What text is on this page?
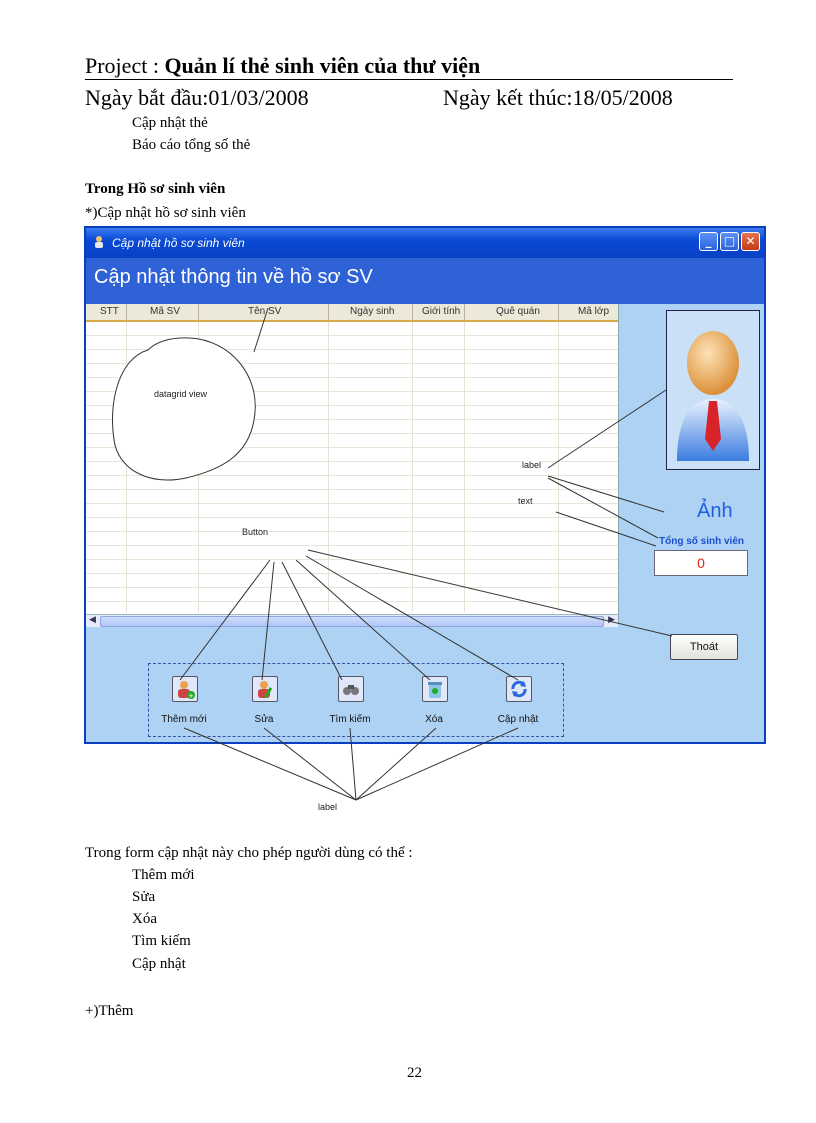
Project : Quản lí thẻ sinh viên của thư viện
Ngày bắt đầu:01/03/2008	Ngày kết thúc:18/05/2008
Cập nhật thẻ
Báo cáo tổng số thẻ
Trong Hồ sơ sinh viên
*)Cập nhật hồ sơ sinh viên
Cập nhật hồ sơ sinh viên	_	□ ✕
Cập nhật thông tin về hồ sơ SV
STT	Mã SV	Tên SV	Ngày sinh	Giới tính	Quê quán	Mã lớp
◀	▶
Ảnh
Tổng số sinh viên
0
Thoát
+
Thêm mới	Sửa	Tìm kiếm	Xóa	Cập nhật
datagrid view
label
text
Button
label
Trong form cập nhật này cho phép người dùng có thể :
Thêm mới
Sửa
Xóa
Tìm kiếm
Cập nhật
+)Thêm
22
